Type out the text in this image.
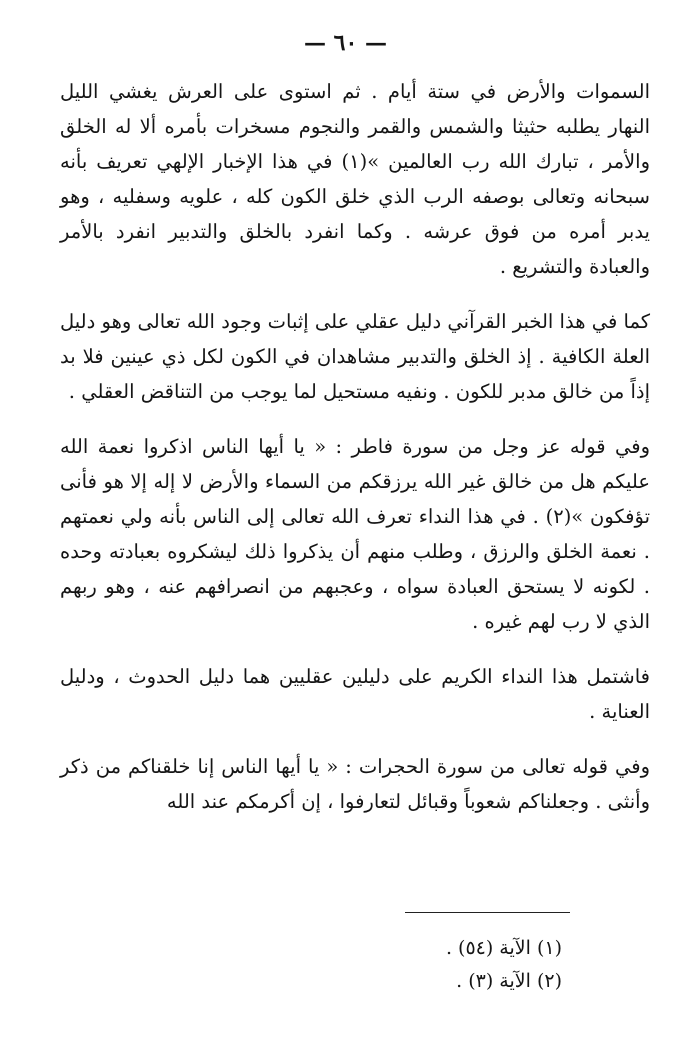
— ٦٠ —

السموات والأرض في ستة أيام . ثم استوى على العرش يغشي الليل النهار يطلبه حثيثا والشمس والقمر والنجوم مسخرات بأمره ألا له الخلق والأمر ، تبارك الله رب العالمين »(١) في هذا الإخبار الإلهي تعريف بأنه سبحانه وتعالى بوصفه الرب الذي خلق الكون كله ، علويه وسفليه ، وهو يدبر أمره من فوق عرشه . وكما انفرد بالخلق والتدبير انفرد بالأمر والعبادة والتشريع .

كما في هذا الخبر القرآني دليل عقلي على إثبات وجود الله تعالى وهو دليل العلة الكافية . إذ الخلق والتدبير مشاهدان في الكون لكل ذي عينين فلا بد إذاً من خالق مدبر للكون . ونفيه مستحيل لما يوجب من التناقض العقلي .

وفي قوله عز وجل من سورة فاطر : « يا أيها الناس اذكروا نعمة الله عليكم هل من خالق غير الله يرزقكم من السماء والأرض لا إله إلا هو فأنى تؤفكون »(٢) . في هذا النداء تعرف الله تعالى إلى الناس بأنه ولي نعمتهم . نعمة الخلق والرزق ، وطلب منهم أن يذكروا ذلك ليشكروه بعبادته وحده . لكونه لا يستحق العبادة سواه ، وعجبهم من انصرافهم عنه ، وهو ربهم الذي لا رب لهم غيره .

فاشتمل هذا النداء الكريم على دليلين عقليين هما دليل الحدوث ، ودليل العناية .

وفي قوله تعالى من سورة الحجرات : « يا أيها الناس إنا خلقناكم من ذكر وأنثى . وجعلناكم شعوباً وقبائل لتعارفوا ، إن أكرمكم عند الله

(١) الآية (٥٤) .
(٢) الآية (٣) .
